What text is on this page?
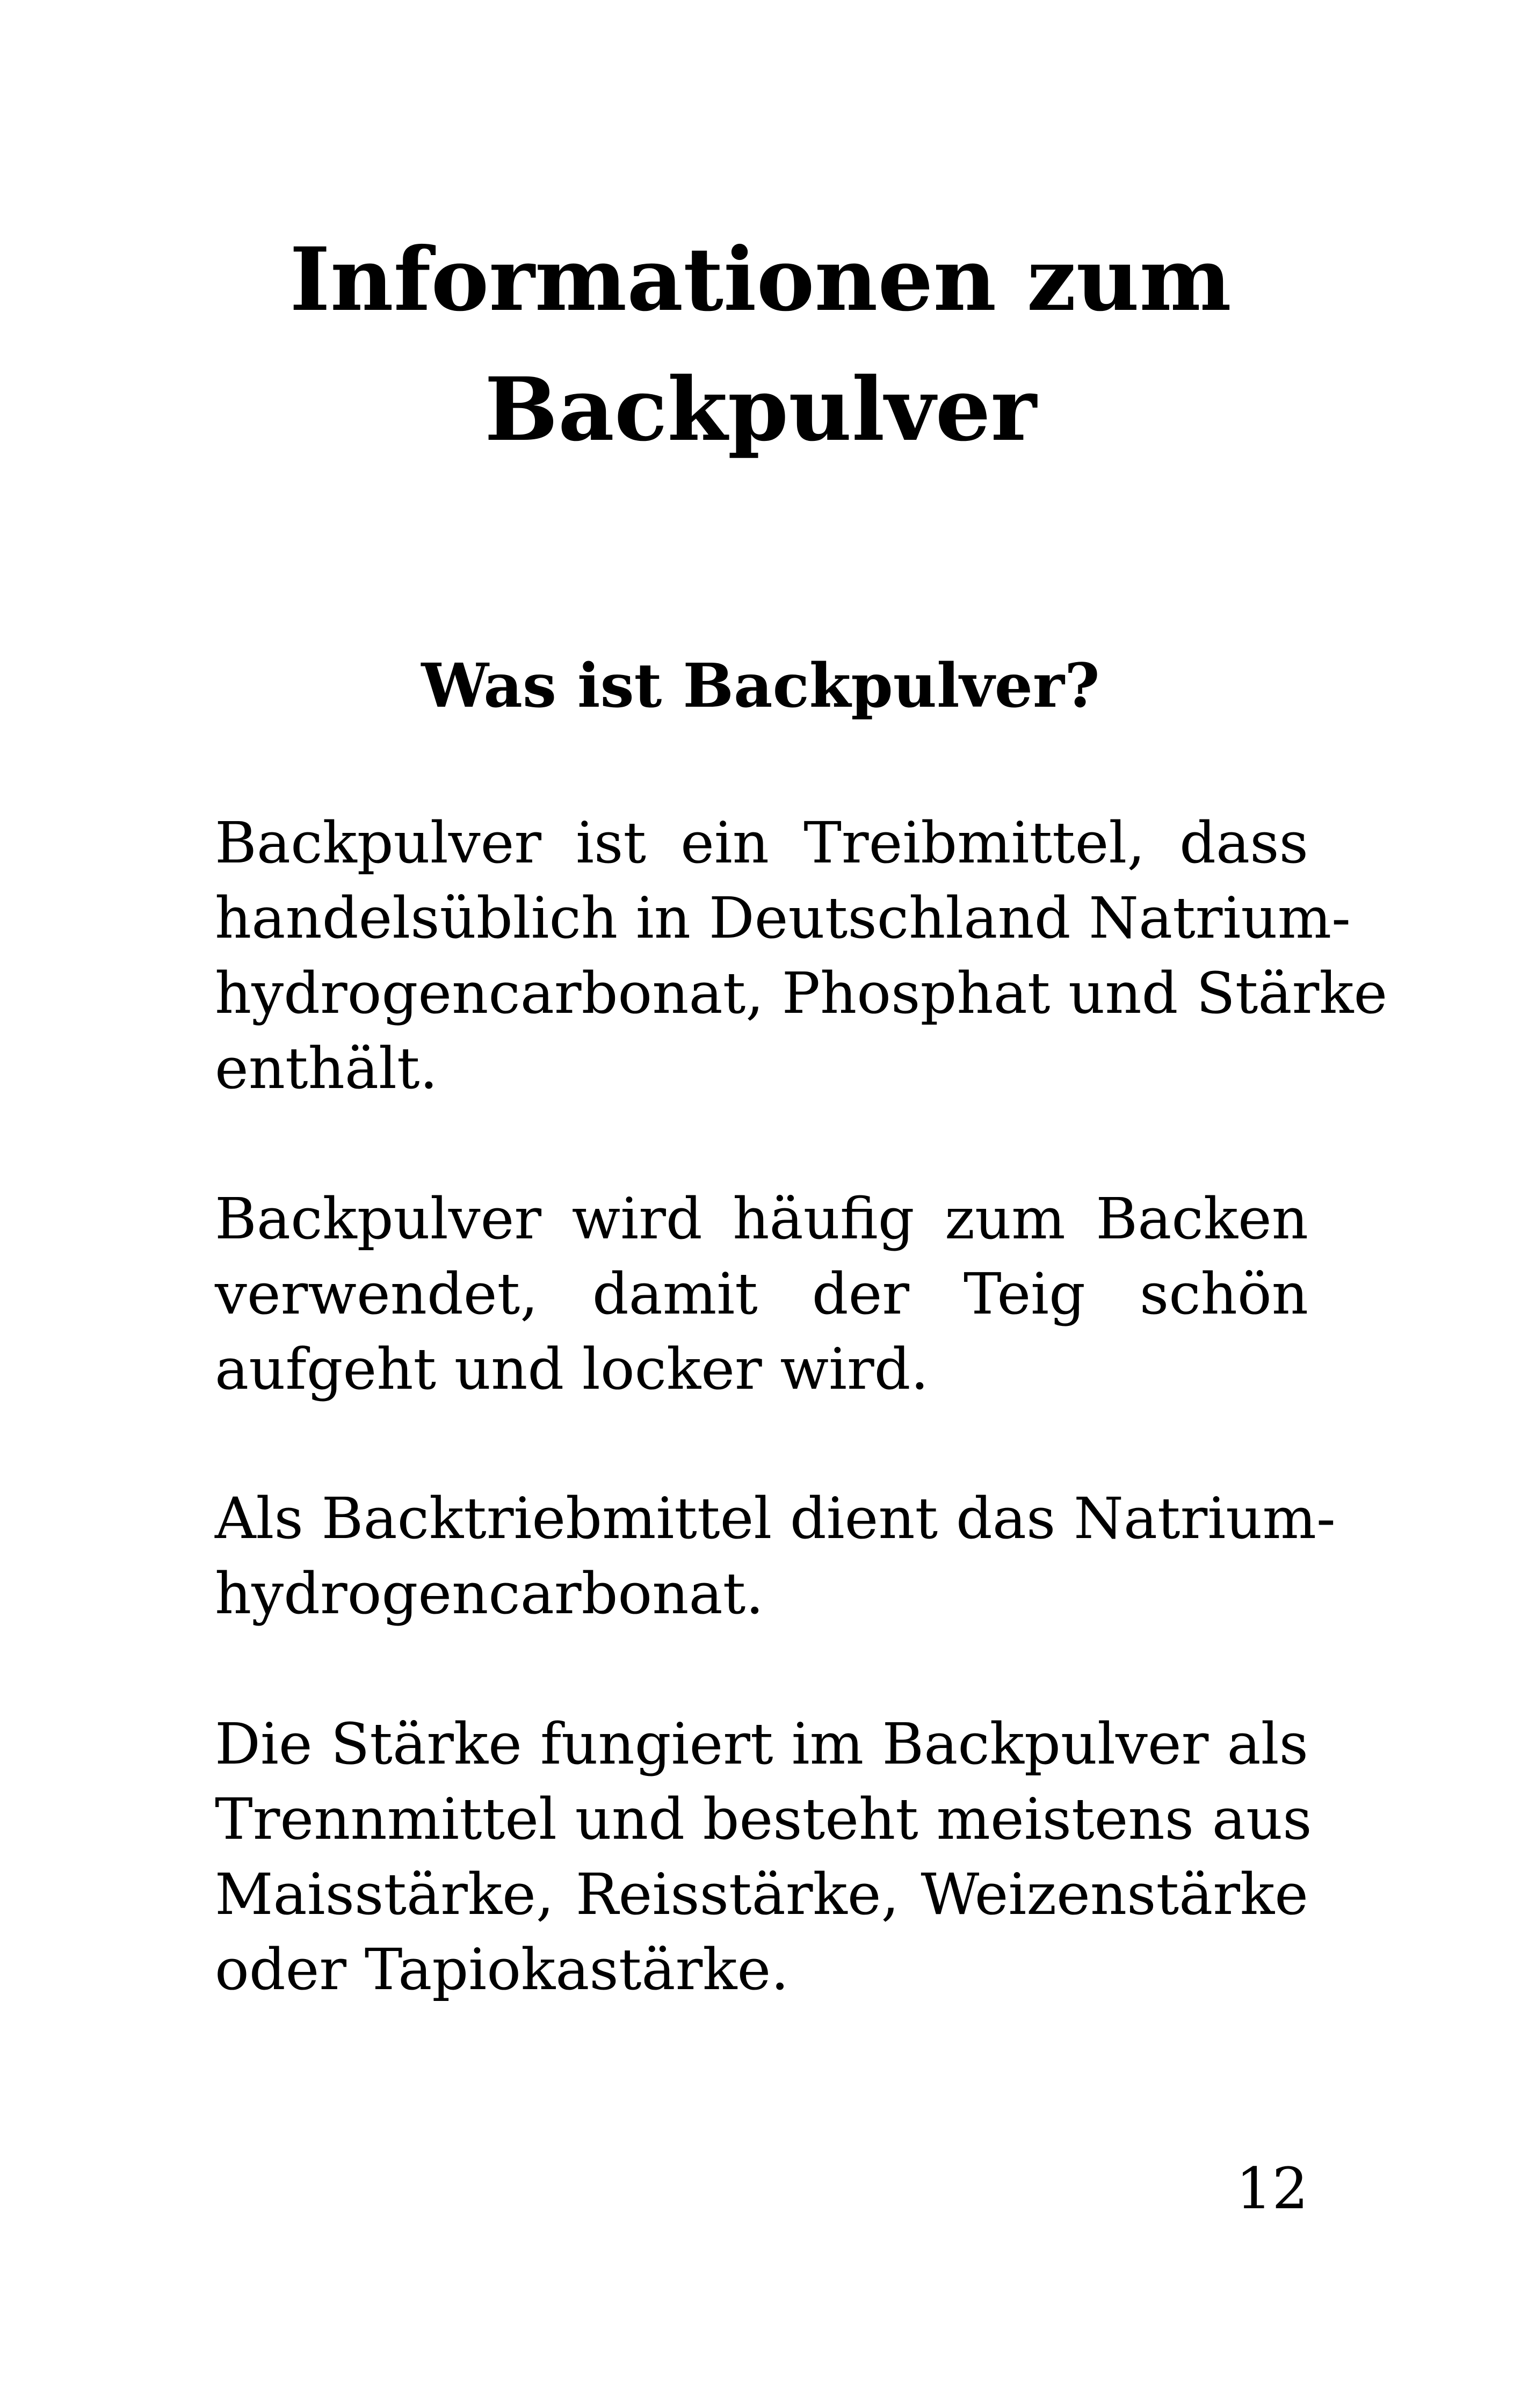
Informationen zum
Backpulver
Was ist Backpulver?

Backpulver ist ein Treibmittel, dass
handelsüblich in Deutschland Natrium-
hydrogencarbonat, Phosphat und Stärke
enthält.

Backpulver wird häufig zum Backen
verwendet, damit der Teig schön
aufgeht und locker wird.

Als Backtriebmittel dient das Natrium-
hydrogencarbonat.

Die Stärke fungiert im Backpulver als
Trennmittel und besteht meistens aus
Maisstärke, Reisstärke, Weizenstärke
oder Tapiokastärke.

12
